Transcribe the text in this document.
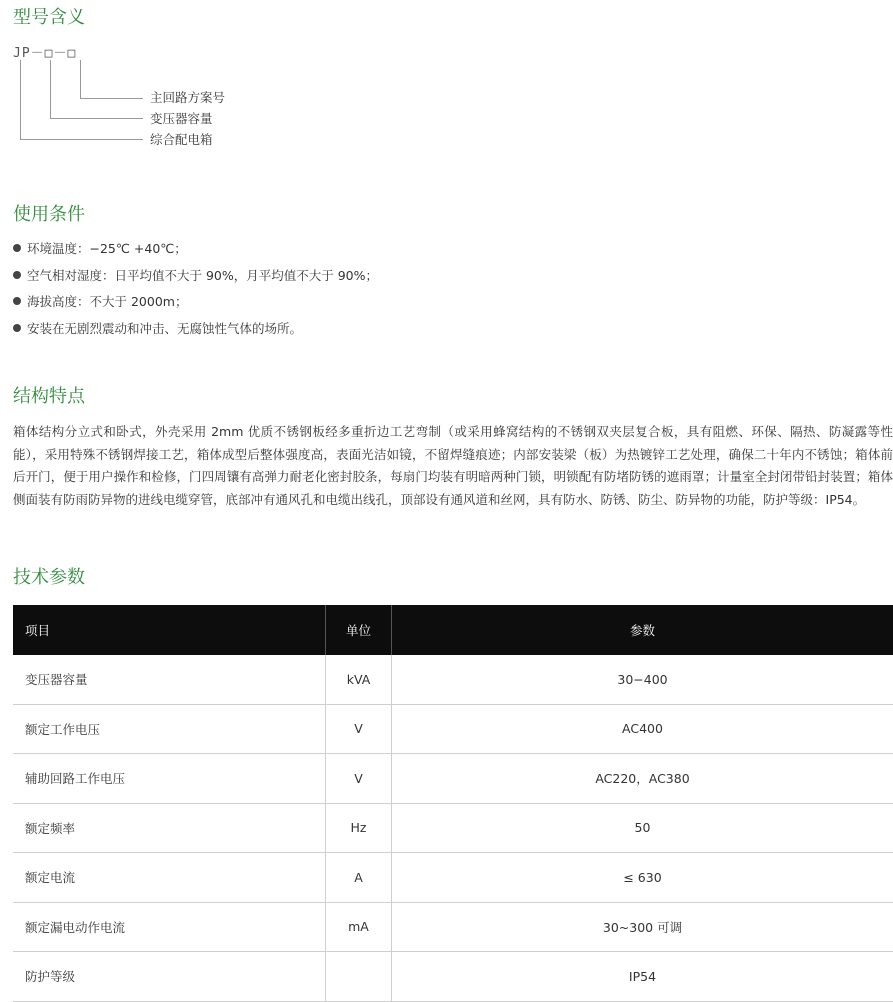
型号含义
JP－□－□
主回路方案号
变压器容量
综合配电箱
使用条件
环境温度：−25℃ +40℃；
空气相对湿度：日平均值不大于 90%，月平均值不大于 90%；
海拔高度：不大于 2000m；
安装在无剧烈震动和冲击、无腐蚀性气体的场所。
结构特点

箱体结构分立式和卧式，外壳采用 2mm 优质不锈钢板经多重折边工艺弯制（或采用蜂窝结构的不锈钢双夹层复合板，具有阻燃、环保、隔热、防凝露等性能），采用特殊不锈钢焊接工艺，箱体成型后整体强度高，表面光洁如镜，不留焊缝痕迹；内部安装梁（板）为热镀锌工艺处理，确保二十年内不锈蚀；箱体前后开门，便于用户操作和检修，门四周镶有高弹力耐老化密封胶条，每扇门均装有明暗两种门锁，明锁配有防堵防锈的遮雨罩；计量室全封闭带铅封装置；箱体侧面装有防雨防异物的进线电缆穿管，底部冲有通风孔和电缆出线孔，顶部设有通风道和丝网，具有防水、防锈、防尘、防异物的功能，防护等级：IP54。

技术参数
项目	单位	参数
变压器容量	kVA	30−400
额定工作电压	V	AC400
辅助回路工作电压	V	AC220，AC380
额定频率	Hz	50
额定电流	A	≤ 630
额定漏电动作电流	mA	30~300 可调
防护等级		IP54
